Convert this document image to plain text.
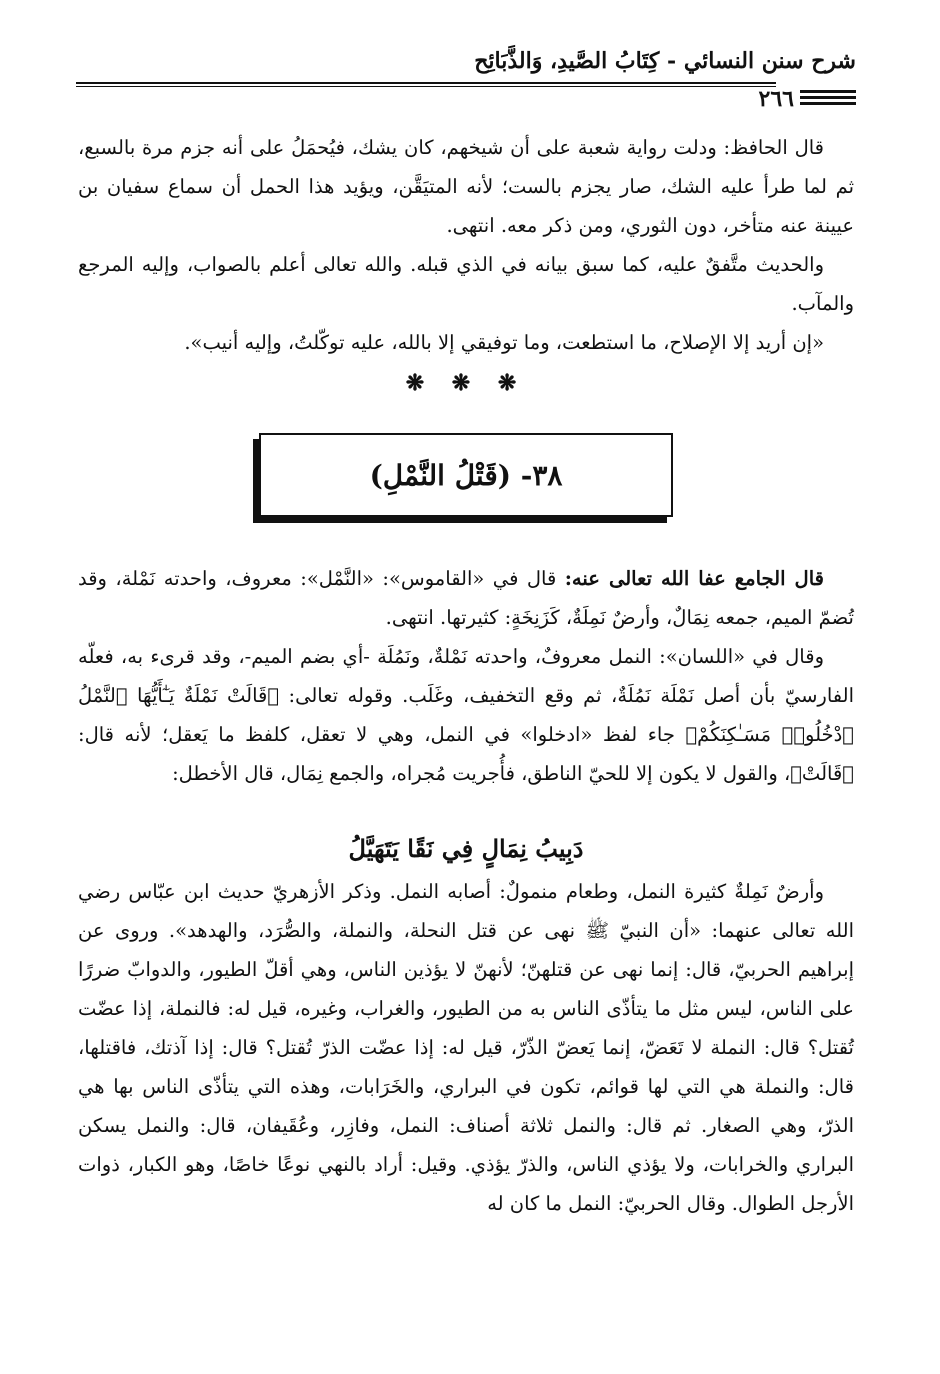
شرح سنن النسائي - كِتَابُ الصَّيدِ، وَالذَّبَائِح
٢٦٦

قال الحافظ: ودلت رواية شعبة على أن شيخهم، كان يشك، فيُحمَلُ على أنه جزم مرة بالسبع، ثم لما طرأ عليه الشك، صار يجزم بالست؛ لأنه المتيَقَّن، ويؤيد هذا الحمل أن سماع سفيان بن عيينة عنه متأخر، دون الثوري، ومن ذكر معه. انتهى.

والحديث متَّفقٌ عليه، كما سبق بيانه في الذي قبله. والله تعالى أعلم بالصواب، وإليه المرجع والمآب.

«إن أريد إلا الإصلاح، ما استطعت، وما توفيقي إلا بالله، عليه توكّلتُ، وإليه أنيب».

❋ ❋ ❋
٣٨- (قَتْلُ النَّمْلِ)

قال الجامع عفا الله تعالى عنه: قال في «القاموس»: «النَّمْل»: معروف، واحدته نَمْلة، وقد تُضمّ الميم، جمعه نِمَالٌ، وأرضٌ نَمِلَةٌ، كَزَنِخَةٍ: كثيرتها. انتهى.

وقال في «اللسان»: النمل معروفٌ، واحدته نَمْلةٌ، ونَمُلَة -أي بضم الميم-، وقد قرىء به، فعلّه الفارسيّ بأن أصل نَمْلَة نَمُلَةٌ، ثم وقع التخفيف، وغَلَب. وقوله تعالى: ﴿قَالَتْ نَمْلَةٌ يَـٰٓأَيُّهَا ٱلنَّمْلُ ٱدْخُلُوا۟ مَسَـٰكِنَكُمْ﴾ جاء لفظ «ادخلوا» في النمل، وهي لا تعقل، كلفظ ما يَعقل؛ لأنه قال: ﴿قَالَتْ﴾، والقول لا يكون إلا للحيّ الناطق، فأُجريت مُجراه، والجمع نِمَال، قال الأخطل:

دَبِيبُ نِمَالٍ فِي نَقًا يَتَهَيَّلُ

وأرضٌ نَمِلةٌ كثيرة النمل، وطعام منمولٌ: أصابه النمل. وذكر الأزهريّ حديث ابن عبّاس رضي الله تعالى عنهما: «أن النبيّ ﷺ نهى عن قتل النحلة، والنملة، والصُّرَد، والهدهد». وروى عن إبراهيم الحربيّ، قال: إنما نهى عن قتلهنّ؛ لأنهنّ لا يؤذين الناس، وهي أقلّ الطيور، والدوابّ ضررًا على الناس، ليس مثل ما يتأذّى الناس به من الطيور، والغراب، وغيره، قيل له: فالنملة، إذا عضّت تُقتل؟ قال: النملة لا تَعَضّ، إنما يَعضّ الذّرّ، قيل له: إذا عضّت الذرّ تُقتل؟ قال: إذا آذتك، فاقتلها، قال: والنملة هي التي لها قوائم، تكون في البراري، والخَرَابات، وهذه التي يتأذّى الناس بها هي الذرّ، وهي الصغار. ثم قال: والنمل ثلاثة أصناف: النمل، وفازِر، وعُقَيفان، قال: والنمل يسكن البراري والخرابات، ولا يؤذي الناس، والذرّ يؤذي. وقيل: أراد بالنهي نوعًا خاصًا، وهو الكبار، ذوات الأرجل الطوال. وقال الحربيّ: النمل ما كان له
